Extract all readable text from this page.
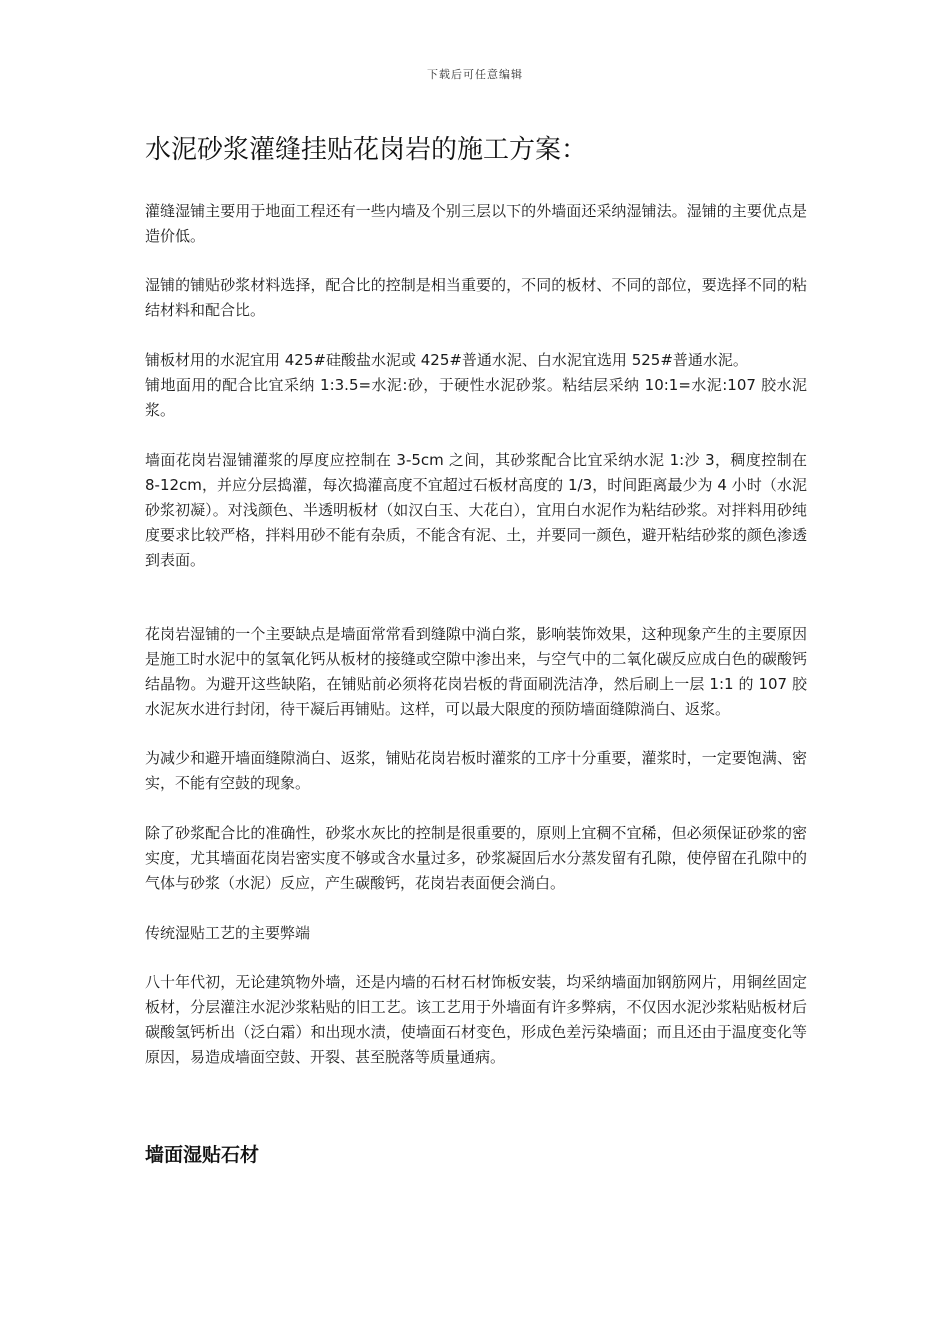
下载后可任意编辑
水泥砂浆灌缝挂贴花岗岩的施工方案：

灌缝湿铺主要用于地面工程还有一些内墙及个别三层以下的外墙面还采纳湿铺法。湿铺的主要优点是造价低。

湿铺的铺贴砂浆材料选择，配合比的控制是相当重要的，不同的板材、不同的部位，要选择不同的粘结材料和配合比。

铺板材用的水泥宜用 425#硅酸盐水泥或 425#普通水泥、白水泥宜选用 525#普通水泥。

铺地面用的配合比宜采纳 1:3.5=水泥:砂，于硬性水泥砂浆。粘结层采纳 10:1=水泥:107 胶水泥浆。

墙面花岗岩湿铺灌浆的厚度应控制在 3-5cm 之间，其砂浆配合比宜采纳水泥 1:沙 3，稠度控制在 8-12cm，并应分层捣灌，每次捣灌高度不宜超过石板材高度的 1/3，时间距离最少为 4 小时（水泥砂浆初凝）。对浅颜色、半透明板材（如汉白玉、大花白），宜用白水泥作为粘结砂浆。对拌料用砂纯度要求比较严格，拌料用砂不能有杂质，不能含有泥、土，并要同一颜色，避开粘结砂浆的颜色渗透到表面。

花岗岩湿铺的一个主要缺点是墙面常常看到缝隙中淌白浆，影响装饰效果，这种现象产生的主要原因是施工时水泥中的氢氧化钙从板材的接缝或空隙中渗出来，与空气中的二氧化碳反应成白色的碳酸钙结晶物。为避开这些缺陷，在铺贴前必须将花岗岩板的背面刷洗洁净，然后刷上一层 1:1 的 107 胶水泥灰水进行封闭，待干凝后再铺贴。这样，可以最大限度的预防墙面缝隙淌白、返浆。

为减少和避开墙面缝隙淌白、返浆，铺贴花岗岩板时灌浆的工序十分重要，灌浆时，一定要饱满、密实，不能有空鼓的现象。

除了砂浆配合比的准确性，砂浆水灰比的控制是很重要的，原则上宜稠不宜稀，但必须保证砂浆的密实度，尤其墙面花岗岩密实度不够或含水量过多，砂浆凝固后水分蒸发留有孔隙，使停留在孔隙中的气体与砂浆（水泥）反应，产生碳酸钙，花岗岩表面便会淌白。

传统湿贴工艺的主要弊端

八十年代初，无论建筑物外墙，还是内墙的石材石材饰板安装，均采纳墙面加钢筋网片，用铜丝固定板材，分层灌注水泥沙浆粘贴的旧工艺。该工艺用于外墙面有许多弊病，不仅因水泥沙浆粘贴板材后碳酸氢钙析出（泛白霜）和出现水渍，使墙面石材变色，形成色差污染墙面；而且还由于温度变化等原因，易造成墙面空鼓、开裂、甚至脱落等质量通病。

墙面湿贴石材
